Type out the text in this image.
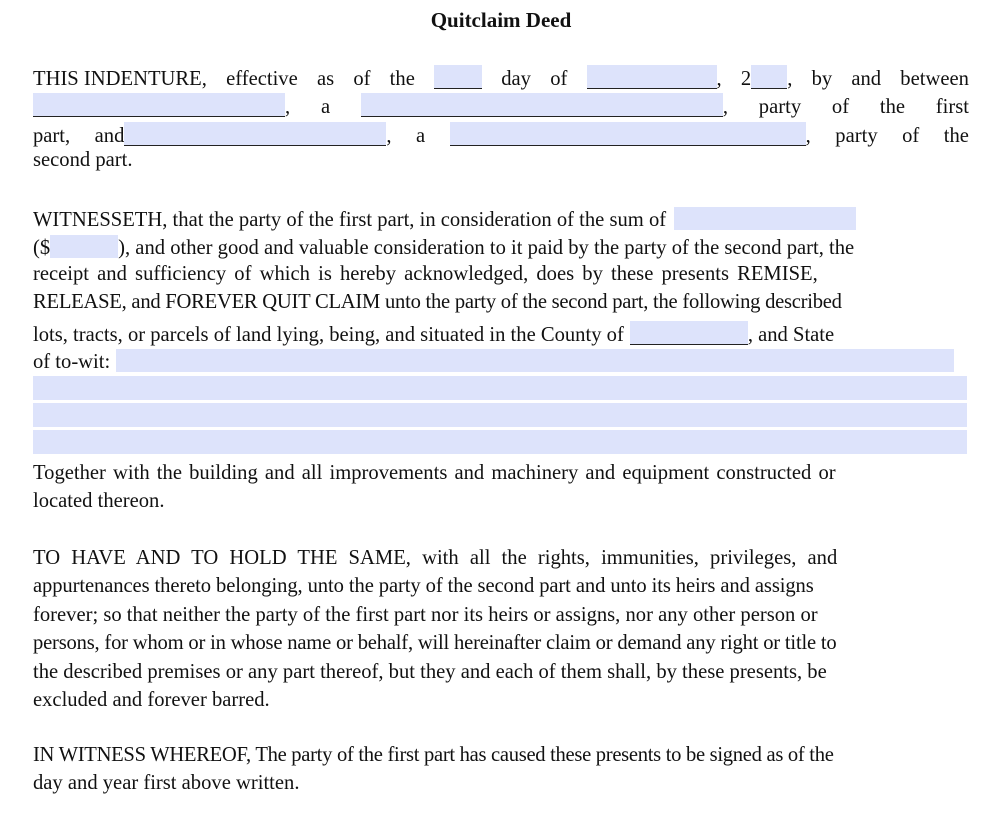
Quitclaim Deed
THIS INDENTURE, effective as of the	day of	, 2 , by and between
, a	, party of the first
part, and	, a	, party of the
second part.
WITNESSETH, that the party of the first part, in consideration of the sum of
($	), and other good and valuable consideration to it paid by the party of the second part, the
receipt and sufficiency of which is hereby acknowledged, does by these presents REMISE,
RELEASE, and FOREVER QUIT CLAIM unto the party of the second part, the following described
lots, tracts, or parcels of land lying, being, and situated in the County of	, and State
of to-wit:
Together with the building and all improvements and machinery and equipment constructed or
located thereon.
TO HAVE AND TO HOLD THE SAME, with all the rights, immunities, privileges, and
appurtenances thereto belonging, unto the party of the second part and unto its heirs and assigns
forever; so that neither the party of the first part nor its heirs or assigns, nor any other person or
persons, for whom or in whose name or behalf, will hereinafter claim or demand any right or title to
the described premises or any part thereof, but they and each of them shall, by these presents, be
excluded and forever barred.
IN WITNESS WHEREOF, The party of the first part has caused these presents to be signed as of the
day and year first above written.
